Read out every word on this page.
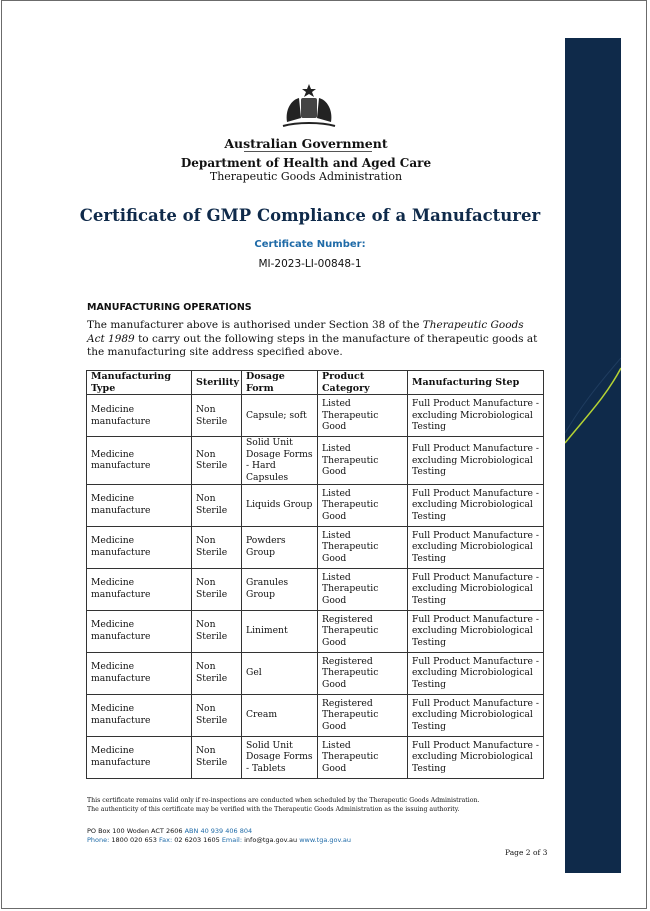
Australian Government
Department of Health and Aged Care
Therapeutic Goods Administration
Certificate of GMP Compliance of a Manufacturer
Certificate Number:
MI-2023-LI-00848-1
MANUFACTURING OPERATIONS
The manufacturer above is authorised under Section 38 of the Therapeutic Goods Act 1989 to carry out the following steps in the manufacture of therapeutic goods at the manufacturing site address specified above.
Manufacturing Type	Sterility	Dosage Form	Product Category	Manufacturing Step
Medicine manufacture	Non Sterile	Capsule; soft	Listed Therapeutic Good	Full Product Manufacture - excluding Microbiological Testing
Medicine manufacture	Non Sterile	Solid Unit Dosage Forms - Hard Capsules	Listed Therapeutic Good	Full Product Manufacture - excluding Microbiological Testing
Medicine manufacture	Non Sterile	Liquids Group	Listed Therapeutic Good	Full Product Manufacture - excluding Microbiological Testing
Medicine manufacture	Non Sterile	Powders Group	Listed Therapeutic Good	Full Product Manufacture - excluding Microbiological Testing
Medicine manufacture	Non Sterile	Granules Group	Listed Therapeutic Good	Full Product Manufacture - excluding Microbiological Testing
Medicine manufacture	Non Sterile	Liniment	Registered Therapeutic Good	Full Product Manufacture - excluding Microbiological Testing
Medicine manufacture	Non Sterile	Gel	Registered Therapeutic Good	Full Product Manufacture - excluding Microbiological Testing
Medicine manufacture	Non Sterile	Cream	Registered Therapeutic Good	Full Product Manufacture - excluding Microbiological Testing
Medicine manufacture	Non Sterile	Solid Unit Dosage Forms - Tablets	Listed Therapeutic Good	Full Product Manufacture - excluding Microbiological Testing
This certificate remains valid only if re-inspections are conducted when scheduled by the Therapeutic Goods Administration.
The authenticity of this certificate may be verified with the Therapeutic Goods Administration as the issuing authority.
PO Box 100 Woden ACT 2606 ABN 40 939 406 804
Phone: 1800 020 653 Fax: 02 6203 1605 Email: info@tga.gov.au www.tga.gov.au
Page 2 of 3
